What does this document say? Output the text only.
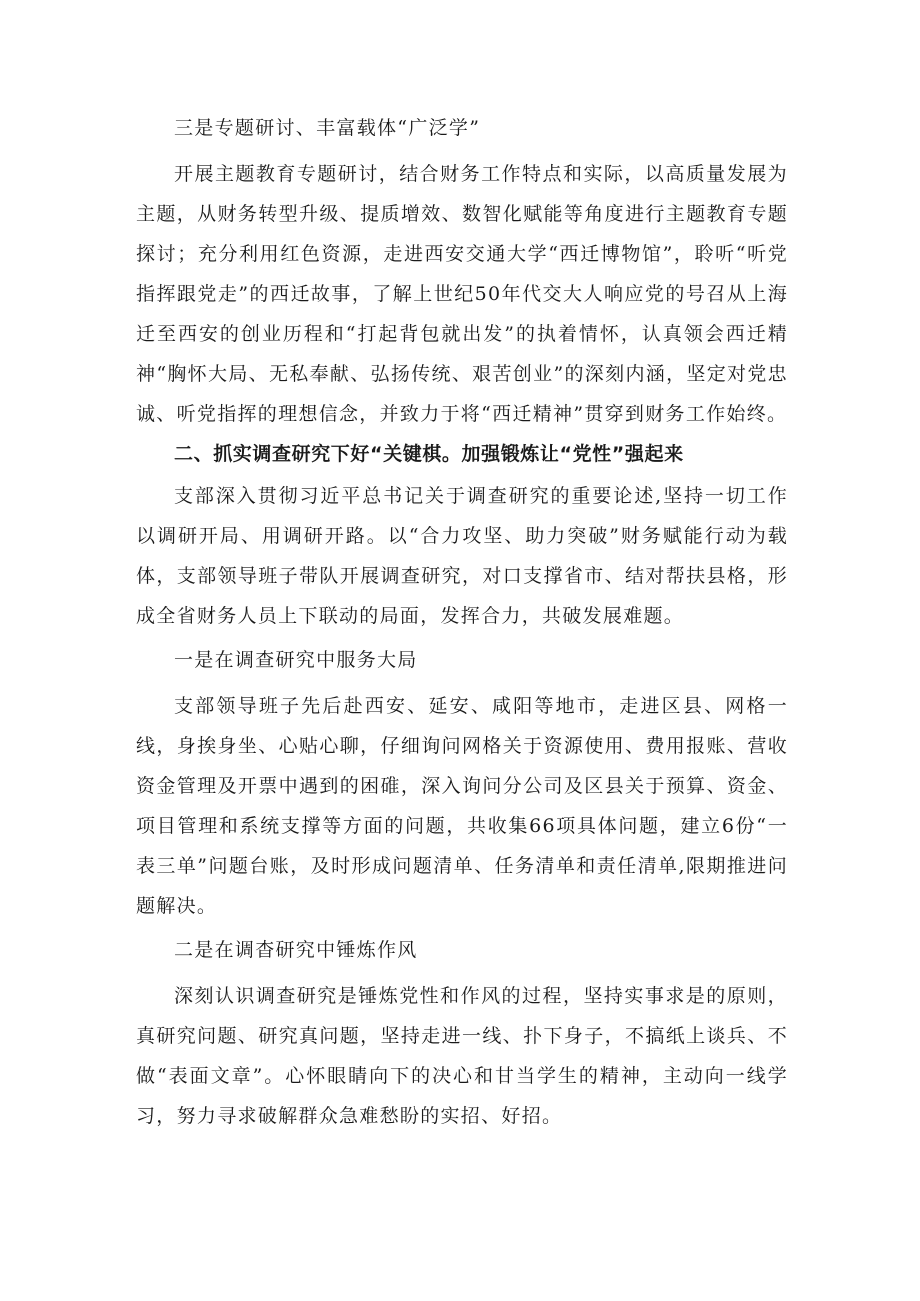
三是专题研讨、丰富载体“广泛学”
开展主题教育专题研讨，结合财务工作特点和实际，以高质量发展为主题，从财务转型升级、提质增效、数智化赋能等角度进行主题教育专题探讨；充分利用红色资源，走进西安交通大学“西迁博物馆”，聆听“听党指挥跟党走”的西迁故事，了解上世纪50年代交大人响应党的号召从上海迁至西安的创业历程和“打起背包就出发”的执着情怀，认真领会西迁精神“胸怀大局、无私奉献、弘扬传统、艰苦创业”的深刻内涵，坚定对党忠诚、听党指挥的理想信念，并致力于将“西迁精神”贯穿到财务工作始终。
二、抓实调查研究下好“关键棋。加强锻炼让“党性”强起来
支部深入贯彻习近平总书记关于调查研究的重要论述,坚持一切工作以调研开局、用调研开路。以“合力攻坚、助力突破”财务赋能行动为载体，支部领导班子带队开展调查研究，对口支撑省市、结对帮扶县格，形成全省财务人员上下联动的局面，发挥合力，共破发展难题。
一是在调查研究中服务大局
支部领导班子先后赴西安、延安、咸阳等地市，走进区县、网格一线，身挨身坐、心贴心聊，仔细询问网格关于资源使用、费用报账、营收资金管理及开票中遇到的困碓，深入询问分公司及区县关于预算、资金、项目管理和系统支撑等方面的问题，共收集66项具体问题，建立6份“一表三单”问题台账，及时形成问题清单、任务清单和责任清单,限期推进问题解决。
二是在调杳研究中锤炼作风
深刻认识调查研究是锤炼党性和作风的过程，坚持实事求是的原则，真研究问题、研究真问题，坚持走进一线、扑下身子，不搞纸上谈兵、不做“表面文章”。心怀眼睛向下的决心和甘当学生的精神，主动向一线学习，努力寻求破解群众急难愁盼的实招、好招。
